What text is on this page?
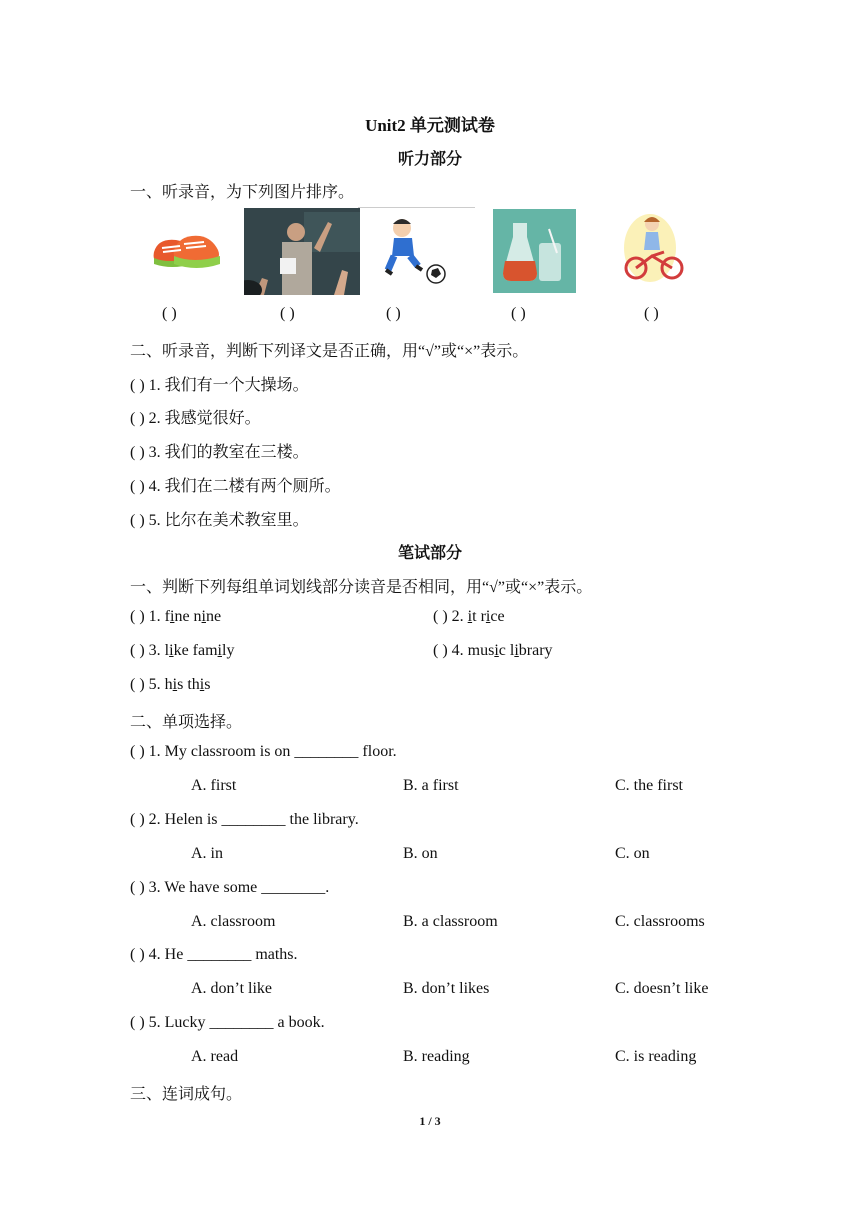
Unit2 单元测试卷
听力部分
一、听录音，为下列图片排序。
( )	( )	( )	( )	( )
二、听录音，判断下列译文是否正确，用“√”或“×”表示。
( ) 1. 我们有一个大操场。
( ) 2. 我感觉很好。
( ) 3. 我们的教室在三楼。
( ) 4. 我们在二楼有两个厕所。
( ) 5. 比尔在美术教室里。
笔试部分
一、判断下列每组单词划线部分读音是否相同，用“√”或“×”表示。
( ) 1. fine nine	( ) 2. it rice
( ) 3. like family	( ) 4. music library
( ) 5. his this
二、单项选择。
( ) 1. My classroom is on ________ floor.
A. first	B. a first	C. the first
( ) 2. Helen is ________ the library.
A. in	B. on	C. on
( ) 3. We have some ________.
A. classroom	B. a classroom	C. classrooms
( ) 4. He ________ maths.
A. don’t like	B. don’t likes	C. doesn’t like
( ) 5. Lucky ________ a book.
A. read	B. reading	C. is reading
三、连词成句。
1 / 3
